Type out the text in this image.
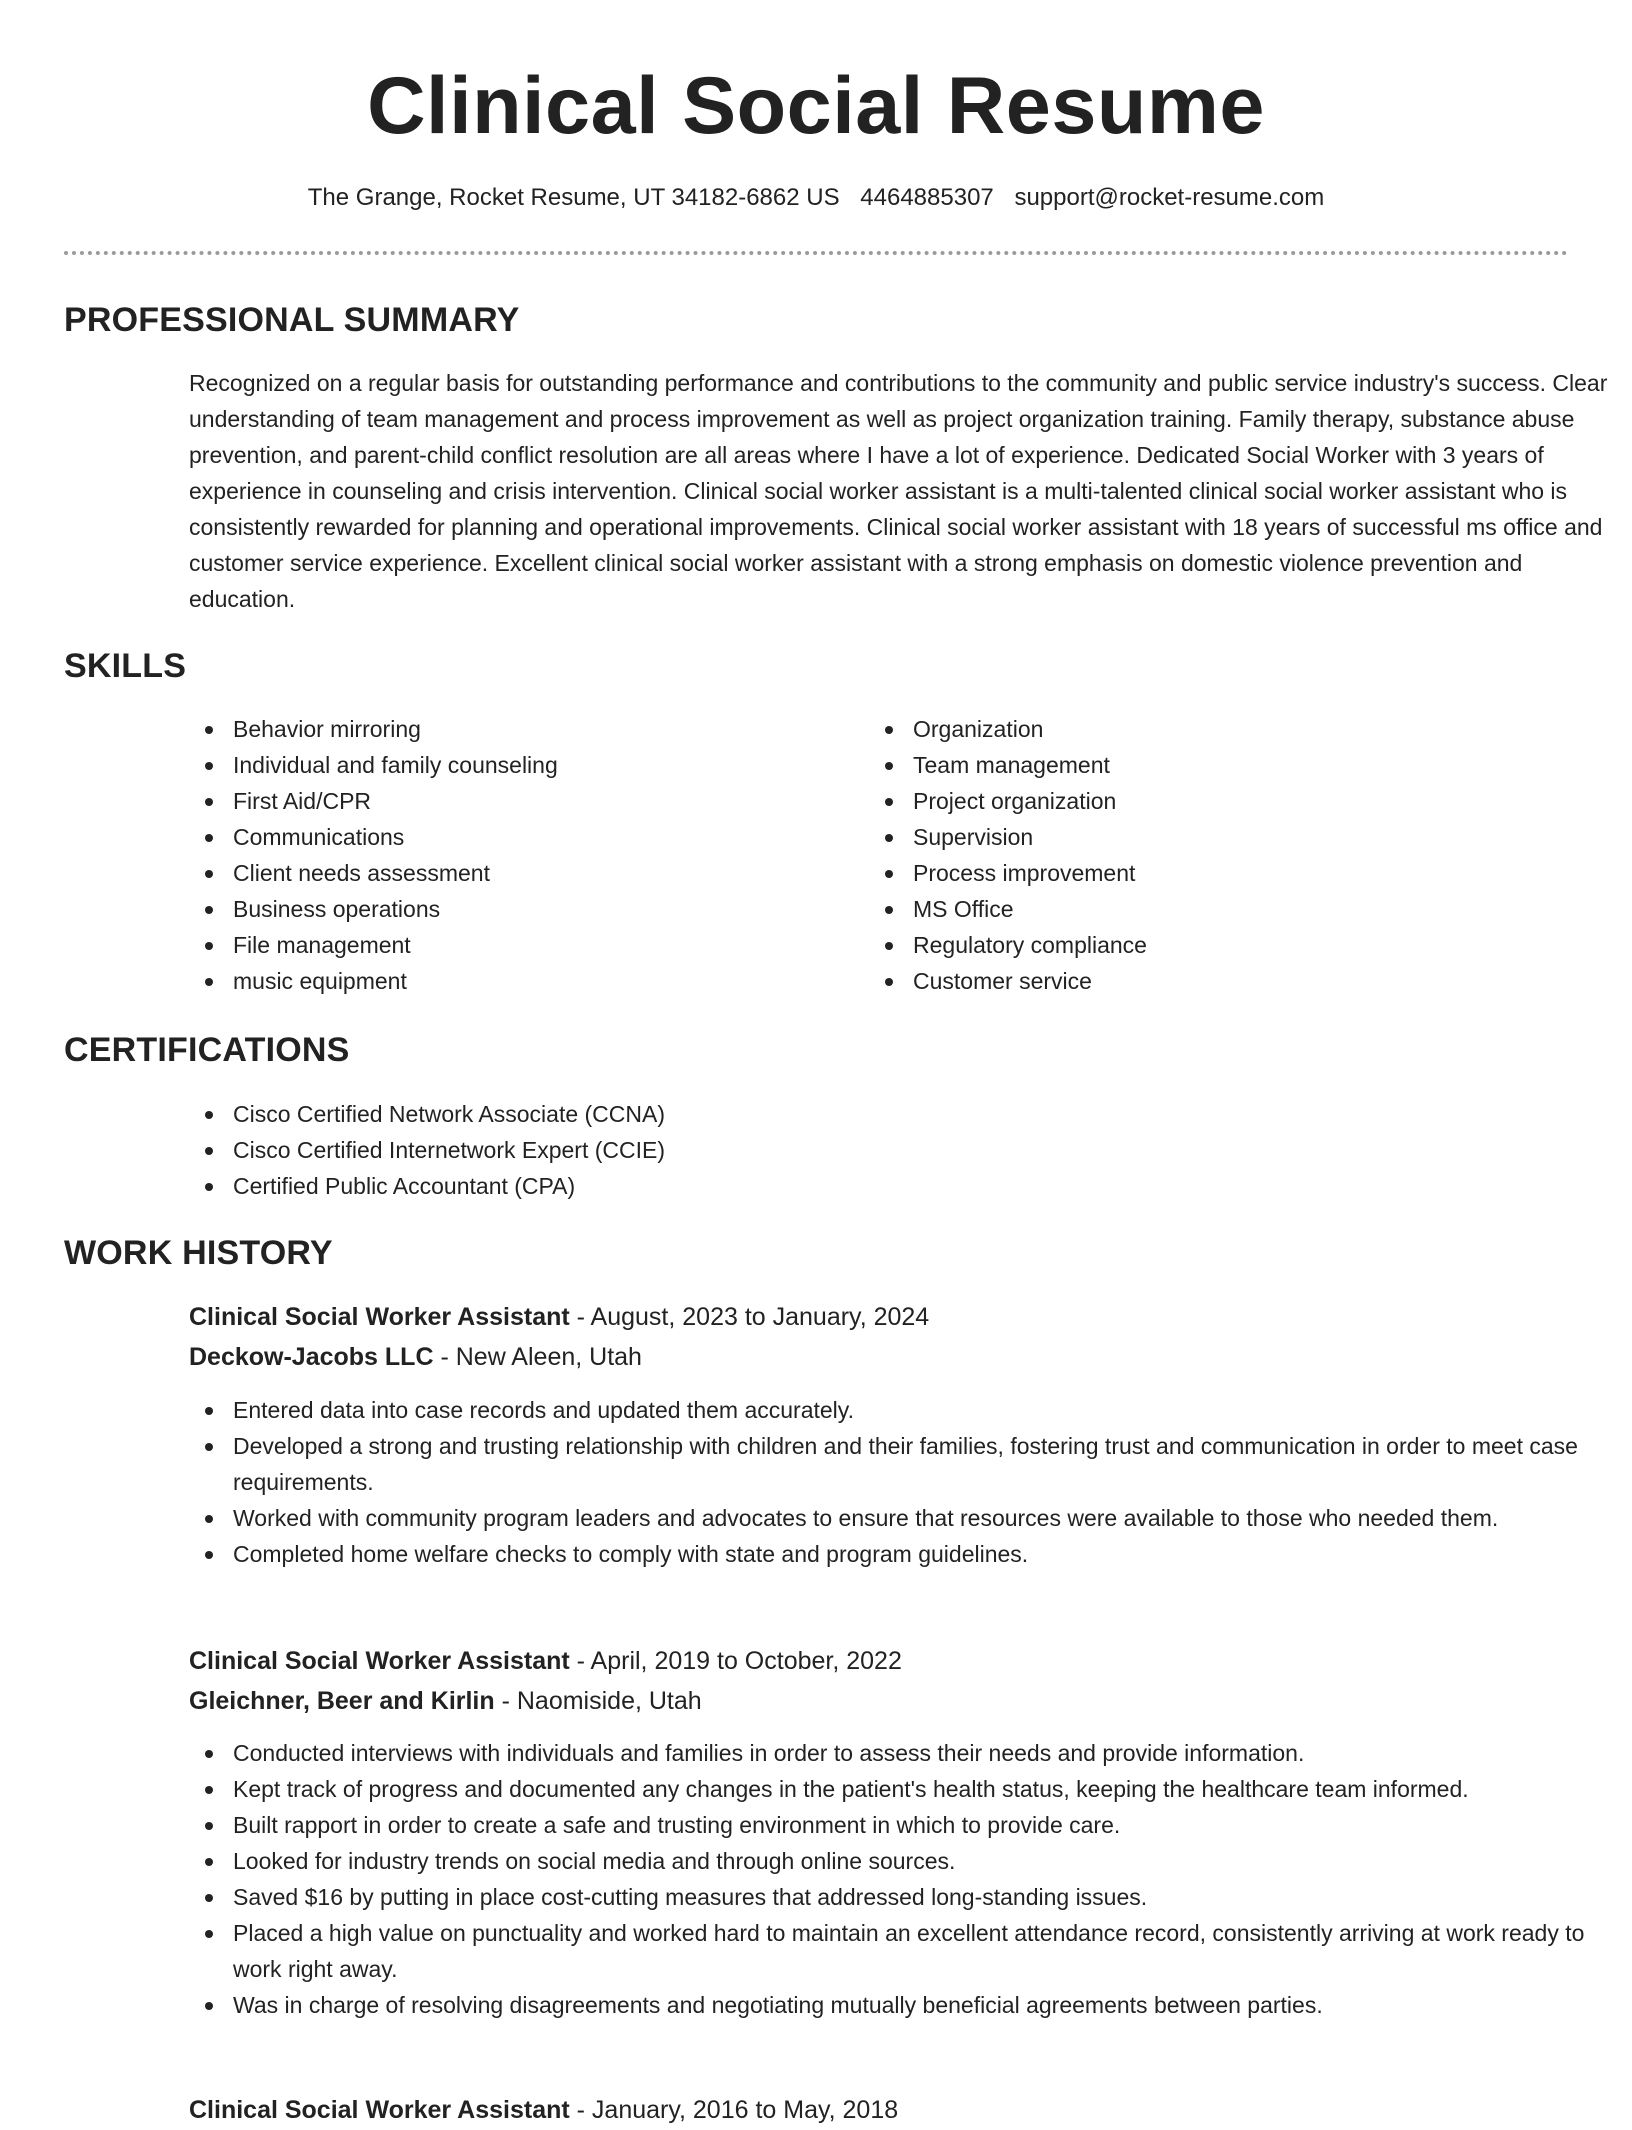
Clinical Social Resume
The Grange, Rocket Resume, UT 34182-6862 US 4464885307 support@rocket-resume.com
PROFESSIONAL SUMMARY
Recognized on a regular basis for outstanding performance and contributions to the community and public service industry's success. Clear understanding of team management and process improvement as well as project organization training. Family therapy, substance abuse prevention, and parent-child conflict resolution are all areas where I have a lot of experience. Dedicated Social Worker with 3 years of experience in counseling and crisis intervention. Clinical social worker assistant is a multi-talented clinical social worker assistant who is consistently rewarded for planning and operational improvements. Clinical social worker assistant with 18 years of successful ms office and customer service experience. Excellent clinical social worker assistant with a strong emphasis on domestic violence prevention and education.
SKILLS
Behavior mirroring
Individual and family counseling
First Aid/CPR
Communications
Client needs assessment
Business operations
File management
music equipment
Organization
Team management
Project organization
Supervision
Process improvement
MS Office
Regulatory compliance
Customer service
CERTIFICATIONS
Cisco Certified Network Associate (CCNA)
Cisco Certified Internetwork Expert (CCIE)
Certified Public Accountant (CPA)
WORK HISTORY
Clinical Social Worker Assistant - August, 2023 to January, 2024
Deckow-Jacobs LLC - New Aleen, Utah
Entered data into case records and updated them accurately.
Developed a strong and trusting relationship with children and their families, fostering trust and communication in order to meet case requirements.
Worked with community program leaders and advocates to ensure that resources were available to those who needed them.
Completed home welfare checks to comply with state and program guidelines.
Clinical Social Worker Assistant - April, 2019 to October, 2022
Gleichner, Beer and Kirlin - Naomiside, Utah
Conducted interviews with individuals and families in order to assess their needs and provide information.
Kept track of progress and documented any changes in the patient's health status, keeping the healthcare team informed.
Built rapport in order to create a safe and trusting environment in which to provide care.
Looked for industry trends on social media and through online sources.
Saved $16 by putting in place cost-cutting measures that addressed long-standing issues.
Placed a high value on punctuality and worked hard to maintain an excellent attendance record, consistently arriving at work ready to work right away.
Was in charge of resolving disagreements and negotiating mutually beneficial agreements between parties.
Clinical Social Worker Assistant - January, 2016 to May, 2018
